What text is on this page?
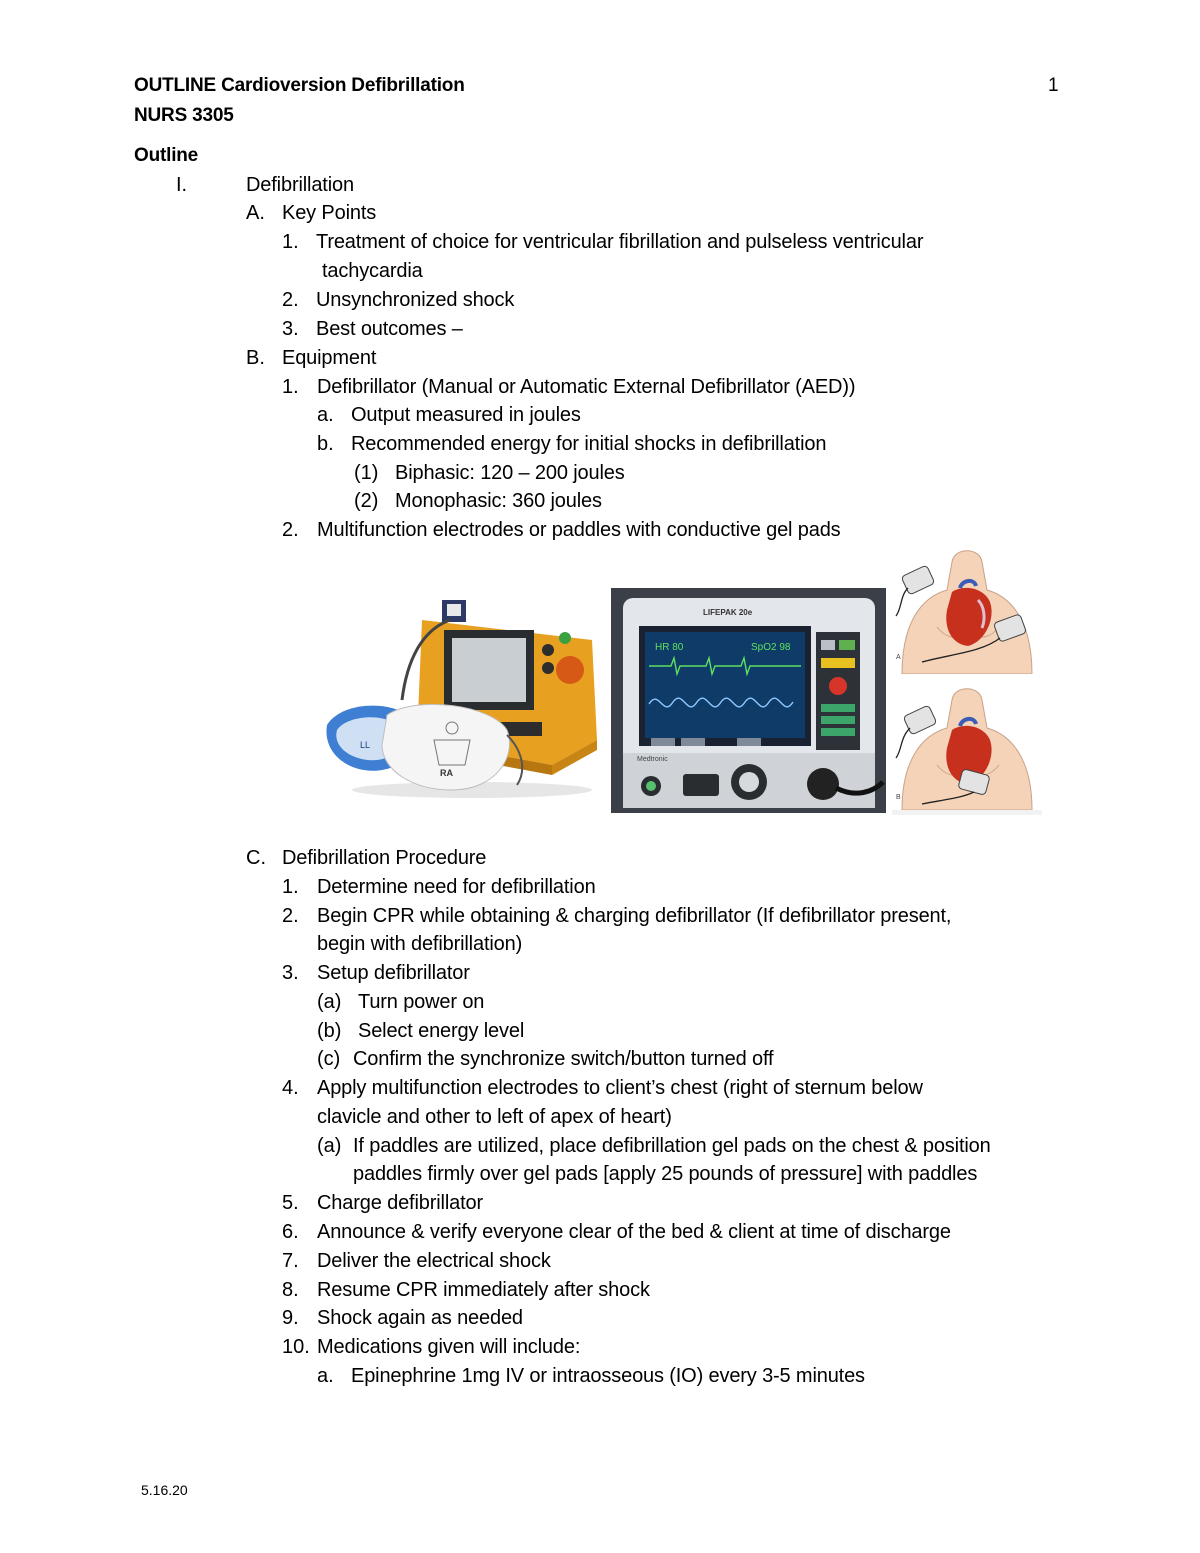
OUTLINE Cardioversion Defibrillation
NURS 3305
1
Outline
I.	Defibrillation
A. Key Points
1. Treatment of choice for ventricular fibrillation and pulseless ventricular
tachycardia
2. Unsynchronized shock
3. Best outcomes –
B. Equipment
1. Defibrillator (Manual or Automatic External Defibrillator (AED))
a. Output measured in joules
b. Recommended energy for initial shocks in defibrillation
(1) Biphasic: 120 – 200 joules
(2) Monophasic: 360 joules
2. Multifunction electrodes or paddles with conductive gel pads
LL
RA
HR 80	SpO2 98
LIFEPAK 20e
Medtronic
A
B
C. Defibrillation Procedure
1. Determine need for defibrillation
2. Begin CPR while obtaining & charging defibrillator (If defibrillator present,
begin with defibrillation)
3. Setup defibrillator
(a) Turn power on
(b) Select energy level
(c) Confirm the synchronize switch/button turned off
4. Apply multifunction electrodes to client’s chest (right of sternum below
clavicle and other to left of apex of heart)
(a) If paddles are utilized, place defibrillation gel pads on the chest & position
paddles firmly over gel pads [apply 25 pounds of pressure] with paddles
5. Charge defibrillator
6. Announce & verify everyone clear of the bed & client at time of discharge
7. Deliver the electrical shock
8. Resume CPR immediately after shock
9. Shock again as needed
10. Medications given will include:
a. Epinephrine 1mg IV or intraosseous (IO) every 3-5 minutes
5.16.20
